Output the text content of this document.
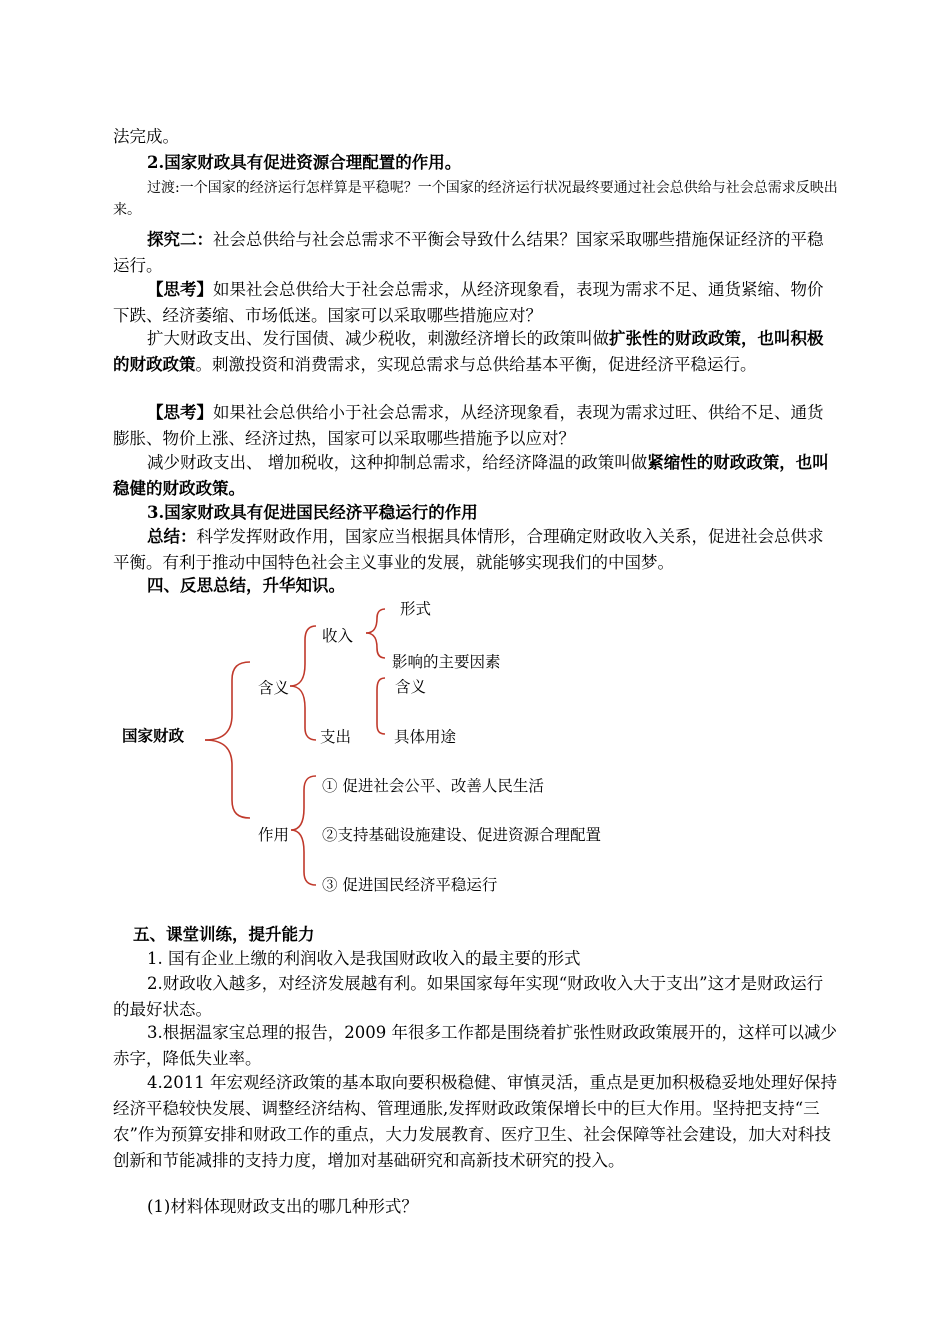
法完成。

2.国家财政具有促进资源合理配置的作用。

过渡:一个国家的经济运行怎样算是平稳呢？一个国家的经济运行状况最终要通过社会总供给与社会总需求反映出来。

探究二：社会总供给与社会总需求不平衡会导致什么结果？国家采取哪些措施保证经济的平稳运行。

【思考】如果社会总供给大于社会总需求，从经济现象看，表现为需求不足、通货紧缩、物价下跌、经济萎缩、市场低迷。国家可以采取哪些措施应对？

扩大财政支出、发行国债、减少税收，刺激经济增长的政策叫做扩张性的财政政策，也叫积极的财政政策。刺激投资和消费需求，实现总需求与总供给基本平衡，促进经济平稳运行。

【思考】如果社会总供给小于社会总需求，从经济现象看，表现为需求过旺、供给不足、通货膨胀、物价上涨、经济过热，国家可以采取哪些措施予以应对？

减少财政支出、 增加税收，这种抑制总需求，给经济降温的政策叫做紧缩性的财政政策，也叫稳健的财政政策。

3.国家财政具有促进国民经济平稳运行的作用

总结：科学发挥财政作用，国家应当根据具体情形，合理确定财政收入关系，促进社会总供求平衡。有利于推动中国特色社会主义事业的发展，就能够实现我们的中国梦。

四、反思总结，升华知识。

国家财政
含义
收入
形式
影响的主要因素
含义
支出	具体用途
作用
① 促进社会公平、改善人民生活
②支持基础设施建设、促进资源合理配置
③ 促进国民经济平稳运行

五、课堂训练，提升能力

1. 国有企业上缴的利润收入是我国财政收入的最主要的形式

2.财政收入越多，对经济发展越有利。如果国家每年实现“财政收入大于支出”这才是财政运行的最好状态。

3.根据温家宝总理的报告，2009 年很多工作都是围绕着扩张性财政政策展开的，这样可以减少赤字，降低失业率。

4.2011 年宏观经济政策的基本取向要积极稳健、审慎灵活，重点是更加积极稳妥地处理好保持经济平稳较快发展、调整经济结构、管理通胀,发挥财政政策保增长中的巨大作用。坚持把支持“三农”作为预算安排和财政工作的重点，大力发展教育、医疗卫生、社会保障等社会建设，加大对科技创新和节能减排的支持力度，增加对基础研究和高新技术研究的投入。

(1)材料体现财政支出的哪几种形式？
